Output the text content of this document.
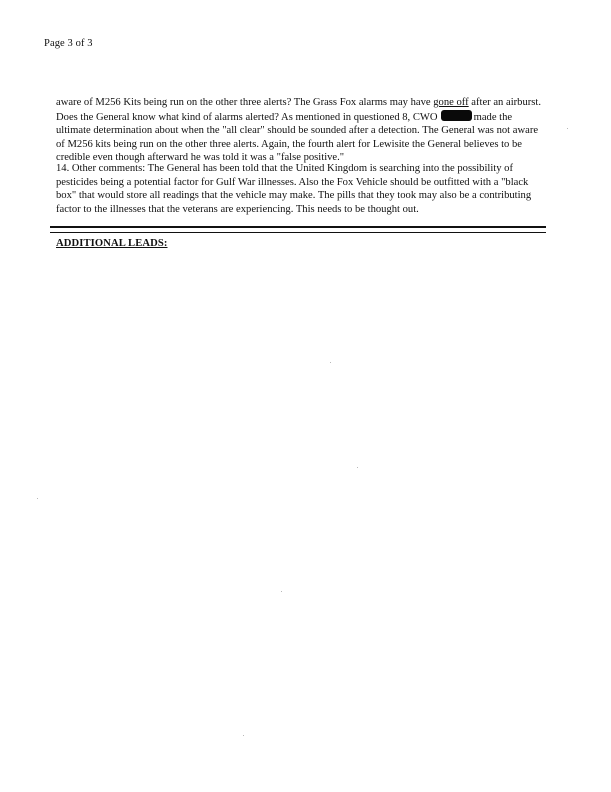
Page 3 of 3

aware of M256 Kits being run on the other three alerts? The Grass Fox alarms may have gone off after an airburst.
Does the General know what kind of alarms alerted? As mentioned in questioned 8, CWO	made the
ultimate determination about when the "all clear" should be sounded after a detection. The General was not aware
of M256 kits being run on the other three alerts. Again, the fourth alert for Lewisite the General believes to be
credible even though afterward he was told it was a "false positive."

14. Other comments: The General has been told that the United Kingdom is searching into the possibility of
pesticides being a potential factor for Gulf War illnesses. Also the Fox Vehicle should be outfitted with a "black
box" that would store all readings that the vehicle may make. The pills that they took may also be a contributing
factor to the illnesses that the veterans are experiencing. This needs to be thought out.

ADDITIONAL LEADS:
